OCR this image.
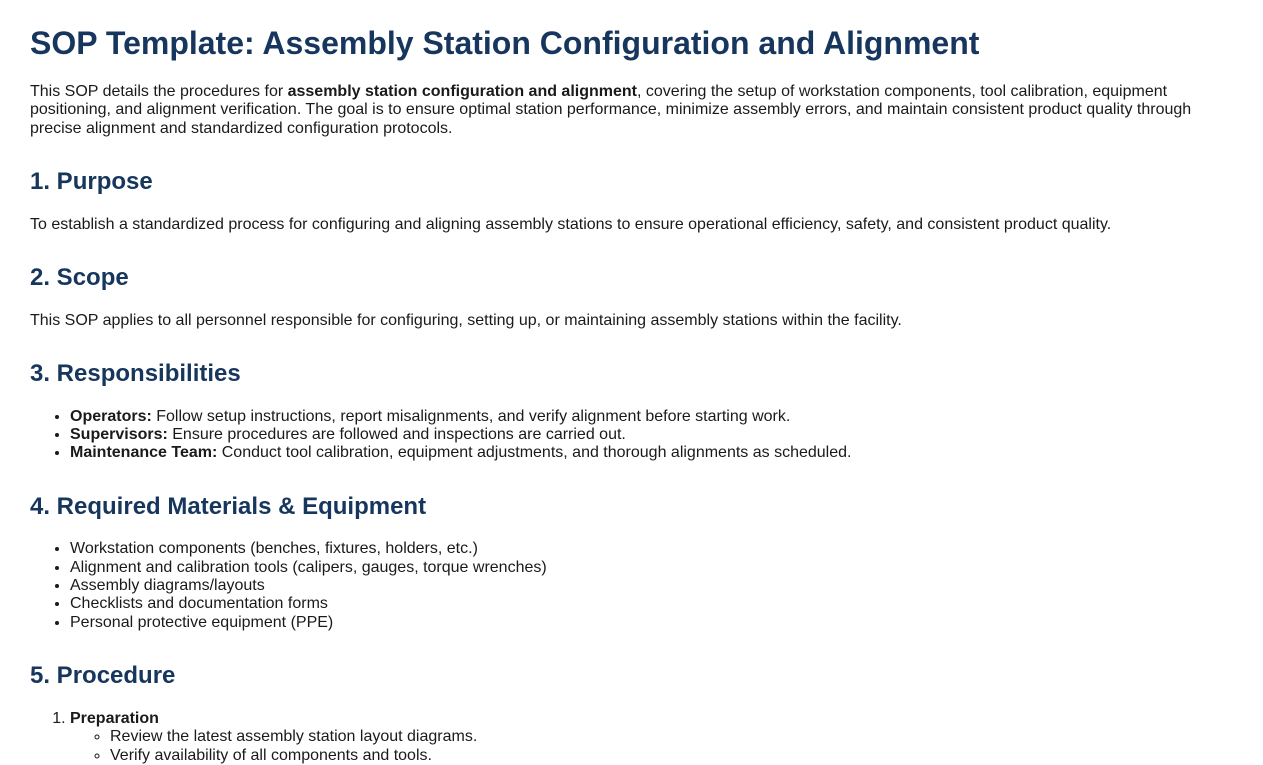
SOP Template: Assembly Station Configuration and Alignment

This SOP details the procedures for assembly station configuration and alignment, covering the setup of workstation components, tool calibration, equipment positioning, and alignment verification. The goal is to ensure optimal station performance, minimize assembly errors, and maintain consistent product quality through precise alignment and standardized configuration protocols.

1. Purpose

To establish a standardized process for configuring and aligning assembly stations to ensure operational efficiency, safety, and consistent product quality.

2. Scope

This SOP applies to all personnel responsible for configuring, setting up, or maintaining assembly stations within the facility.

3. Responsibilities
• Operators: Follow setup instructions, report misalignments, and verify alignment before starting work.
• Supervisors: Ensure procedures are followed and inspections are carried out.
• Maintenance Team: Conduct tool calibration, equipment adjustments, and thorough alignments as scheduled.
4. Required Materials & Equipment
• Workstation components (benches, fixtures, holders, etc.)
• Alignment and calibration tools (calipers, gauges, torque wrenches)
• Assembly diagrams/layouts
• Checklists and documentation forms
• Personal protective equipment (PPE)
5. Procedure
1. Preparation
◦ Review the latest assembly station layout diagrams.
◦ Verify availability of all components and tools.
